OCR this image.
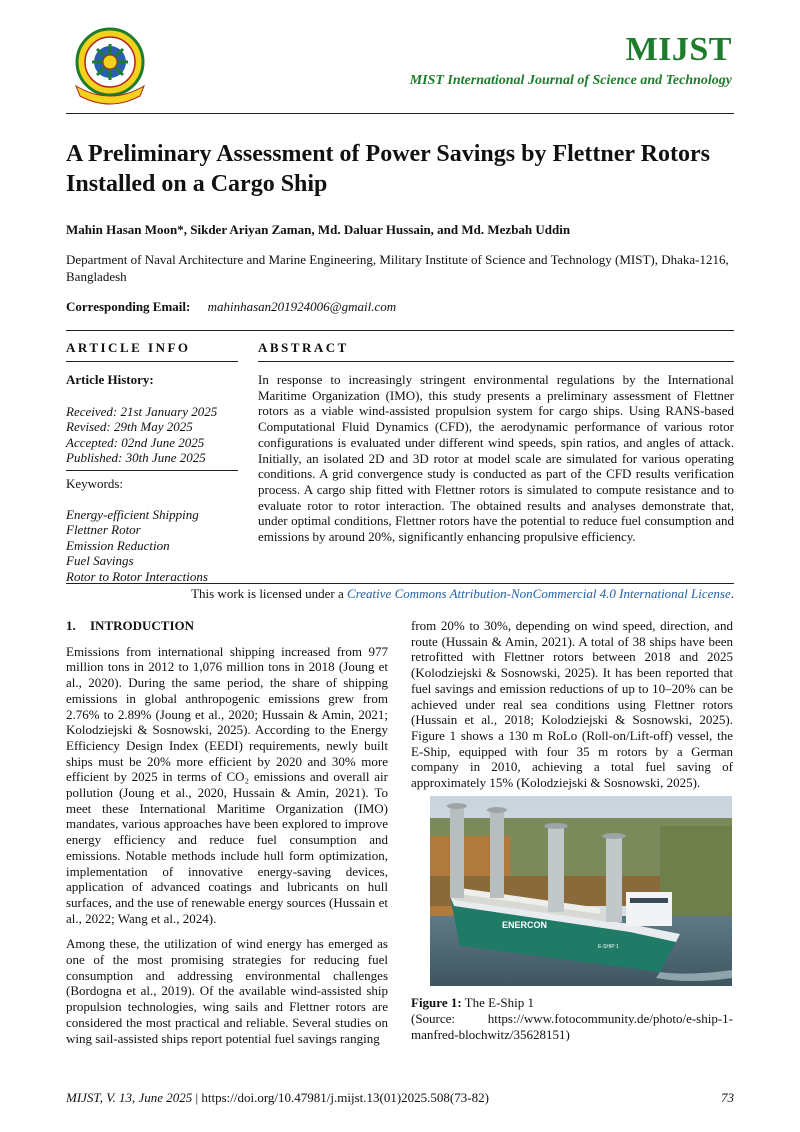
MIJST
MIST International Journal of Science and Technology
A Preliminary Assessment of Power Savings by Flettner Rotors Installed on a Cargo Ship
Mahin Hasan Moon*, Sikder Ariyan Zaman, Md. Daluar Hussain, and Md. Mezbah Uddin
Department of Naval Architecture and Marine Engineering, Military Institute of Science and Technology (MIST), Dhaka-1216, Bangladesh
Corresponding Email: mahinhasan201924006@gmail.com
ARTICLE INFO	ABSTRACT
Article History:
Received: 21st January 2025
Revised: 29th May 2025
Accepted: 02nd June 2025
Published: 30th June 2025
Keywords:
Energy-efficient Shipping
Flettner Rotor
Emission Reduction
Fuel Savings
Rotor to Rotor Interactions
In response to increasingly stringent environmental regulations by the International Maritime Organization (IMO), this study presents a preliminary assessment of Flettner rotors as a viable wind-assisted propulsion system for cargo ships. Using RANS-based Computational Fluid Dynamics (CFD), the aerodynamic performance of various rotor configurations is evaluated under different wind speeds, spin ratios, and angles of attack. Initially, an isolated 2D and 3D rotor at model scale are simulated for various operating conditions. A grid convergence study is conducted as part of the CFD results verification process. A cargo ship fitted with Flettner rotors is simulated to compute resistance and to evaluate rotor to rotor interaction. The obtained results and analyses demonstrate that, under optimal conditions, Flettner rotors have the potential to reduce fuel consumption and emissions by around 20%, significantly enhancing propulsive efficiency.
This work is licensed under a Creative Commons Attribution-NonCommercial 4.0 International License.
1. INTRODUCTION

Emissions from international shipping increased from 977 million tons in 2012 to 1,076 million tons in 2018 (Joung et al., 2020). During the same period, the share of shipping emissions in global anthropogenic emissions grew from 2.76% to 2.89% (Joung et al., 2020; Hussain & Amin, 2021; Kolodziejski & Sosnowski, 2025). According to the Energy Efficiency Design Index (EEDI) requirements, newly built ships must be 20% more efficient by 2020 and 30% more efficient by 2025 in terms of CO₂ emissions and overall air pollution (Joung et al., 2020, Hussain & Amin, 2021). To meet these International Maritime Organization (IMO) mandates, various approaches have been explored to improve energy efficiency and reduce fuel consumption and emissions. Notable methods include hull form optimization, implementation of innovative energy-saving devices, application of advanced coatings and lubricants on hull surfaces, and the use of renewable energy sources (Hussain et al., 2022; Wang et al., 2024).

Among these, the utilization of wind energy has emerged as one of the most promising strategies for reducing fuel consumption and addressing environmental challenges (Bordogna et al., 2019). Of the available wind-assisted ship propulsion technologies, wing sails and Flettner rotors are considered the most practical and reliable. Several studies on wing sail-assisted ships report potential fuel savings ranging

from 20% to 30%, depending on wind speed, direction, and route (Hussain & Amin, 2021). A total of 38 ships have been retrofitted with Flettner rotors between 2018 and 2025 (Kolodziejski & Sosnowski, 2025). It has been reported that fuel savings and emission reductions of up to 10–20% can be achieved under real sea conditions using Flettner rotors (Hussain et al., 2018; Kolodziejski & Sosnowski, 2025). Figure 1 shows a 130 m RoLo (Roll-on/Lift-off) vessel, the E-Ship, equipped with four 35 m rotors by a German company in 2010, achieving a total fuel saving of approximately 15% (Kolodziejski & Sosnowski, 2025).

ENERCON
E-SHIP 1
Figure 1: The E-Ship 1
(Source: https://www.fotocommunity.de/photo/e-ship-1-manfred-blochwitz/35628151)
MIJST, V. 13, June 2025 | https://doi.org/10.47981/j.mijst.13(01)2025.508(73-82)	73
